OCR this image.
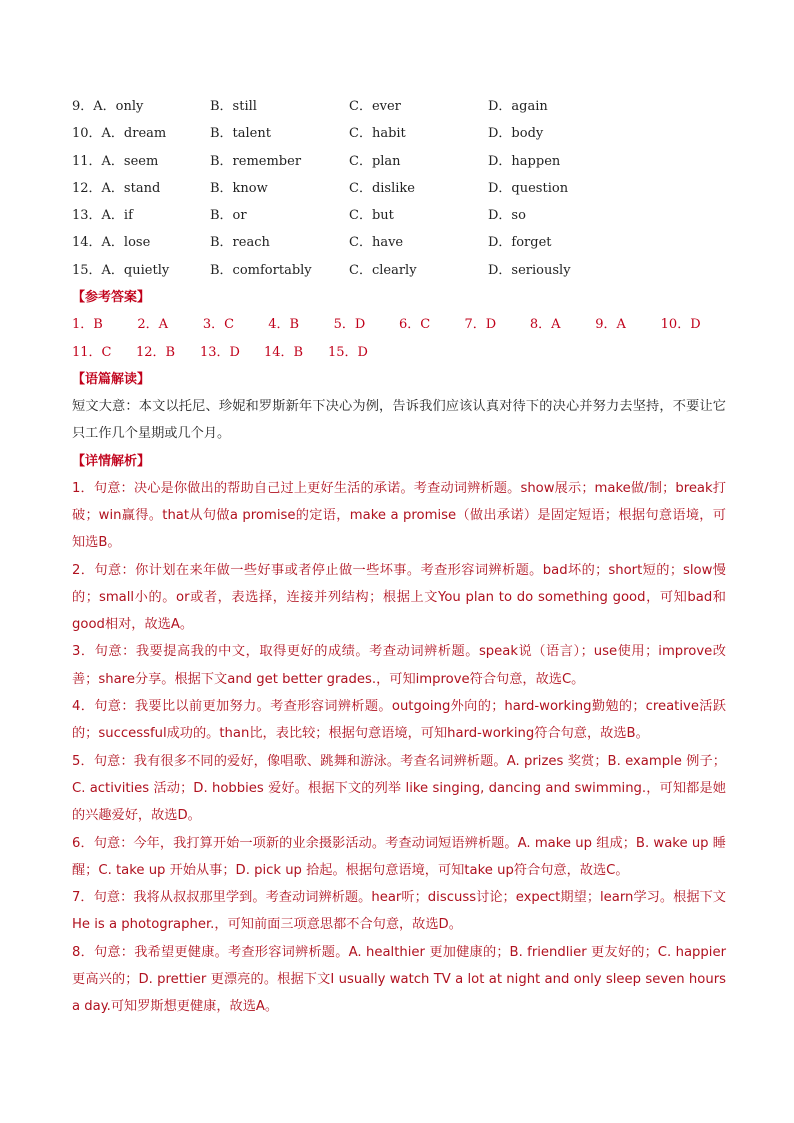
9．A．only	B．still	C．ever	D．again
10．A．dream	B．talent	C．habit	D．body
11．A．seem	B．remember	C．plan	D．happen
12．A．stand	B．know	C．dislike	D．question
13．A．if	B．or	C．but	D．so
14．A．lose	B．reach	C．have	D．forget
15．A．quietly	B．comfortably	C．clearly	D．seriously
【参考答案】
1．B	2．A	3．C	4．B	5．D	6．C	7．D	8．A	9．A	10．D
11．C	12．B	13．D	14．B	15．D
【语篇解读】

短文大意：本文以托尼、珍妮和罗斯新年下决心为例，告诉我们应该认真对待下的决心并努力去坚持，不要让它只工作几个星期或几个月。

【详情解析】

1．句意：决心是你做出的帮助自己过上更好生活的承诺。考查动词辨析题。show展示；make做/制；break打破；win赢得。that从句做a promise的定语，make a promise（做出承诺）是固定短语；根据句意语境，可知选B。

2．句意：你计划在来年做一些好事或者停止做一些坏事。考查形容词辨析题。bad坏的；short短的；slow慢的；small小的。or或者，表选择，连接并列结构；根据上文You plan to do something good，可知bad和good相对，故选A。

3．句意：我要提高我的中文，取得更好的成绩。考查动词辨析题。speak说（语言）；use使用；improve改善；share分享。根据下文and get better grades.，可知improve符合句意，故选C。

4．句意：我要比以前更加努力。考查形容词辨析题。outgoing外向的；hard-working勤勉的；creative活跃的；successful成功的。than比，表比较；根据句意语境，可知hard-working符合句意，故选B。

5．句意：我有很多不同的爱好，像唱歌、跳舞和游泳。考查名词辨析题。A. prizes 奖赏；B. example 例子；C. activities 活动；D. hobbies 爱好。根据下文的列举 like singing, dancing and swimming.，可知都是她的兴趣爱好，故选D。

6．句意：今年，我打算开始一项新的业余摄影活动。考查动词短语辨析题。A. make up 组成；B. wake up 睡醒；C. take up 开始从事；D. pick up 拾起。根据句意语境，可知take up符合句意，故选C。

7．句意：我将从叔叔那里学到。考查动词辨析题。hear听；discuss讨论；expect期望；learn学习。根据下文He is a photographer.，可知前面三项意思都不合句意，故选D。

8．句意：我希望更健康。考查形容词辨析题。A. healthier 更加健康的；B. friendlier 更友好的；C. happier 更高兴的；D. prettier 更漂亮的。根据下文I usually watch TV a lot at night and only sleep seven hours a day.可知罗斯想更健康，故选A。
